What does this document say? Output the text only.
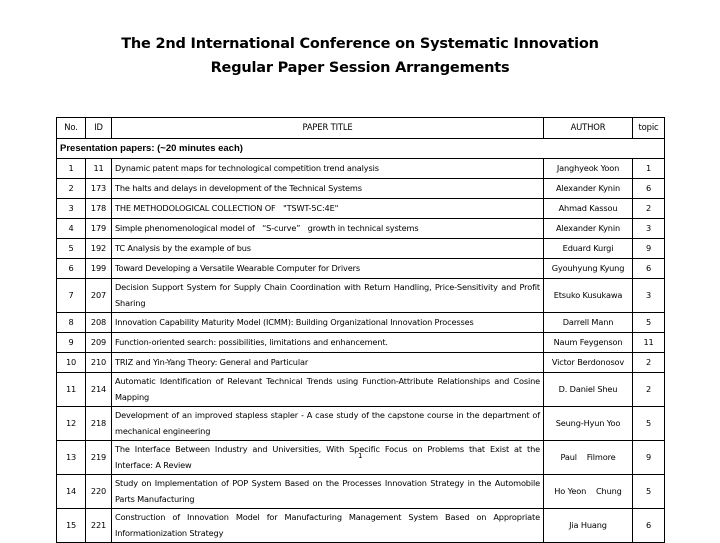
The 2nd International Conference on Systematic Innovation
Regular Paper Session Arrangements
No.	ID	PAPER TITLE	AUTHOR	topic
Presentation papers: (~20 minutes each)				
1	11	Dynamic patent maps for technological competition trend analysis	Janghyeok Yoon	1
2	173	The halts and delays in development of the Technical Systems	Alexander Kynin	6
3	178	THE METHODOLOGICAL COLLECTION OF   "TSWT-5C:4E"	Ahmad Kassou	2
4	179	Simple phenomenological model of   “S-curve”   growth in technical systems	Alexander Kynin	3
5	192	TC Analysis by the example of bus	Eduard Kurgi	9
6	199	Toward Developing a Versatile Wearable Computer for Drivers	Gyouhyung Kyung	6
7	207	Decision Support System for Supply Chain Coordination with Return Handling, Price-Sensitivity and Profit Sharing	Etsuko Kusukawa	3
8	208	Innovation Capability Maturity Model (ICMM): Building Organizational Innovation Processes	Darrell Mann	5
9	209	Function-oriented search: possibilities, limitations and enhancement.	Naum Feygenson	11
10	210	TRIZ and Yin-Yang Theory: General and Particular	Victor Berdonosov	2
11	214	Automatic Identification of Relevant Technical Trends using Function-Attribute Relationships and Cosine Mapping	D. Daniel Sheu	2
12	218	Development of an improved stapless stapler - A case study of the capstone course in the department of mechanical engineering	Seung-Hyun Yoo	5
13	219	The Interface Between Industry and Universities, With Specific Focus on Problems that Exist at the Interface: A Review	Paul    Filmore	9
14	220	Study on Implementation of POP System Based on the Processes Innovation Strategy in the Automobile Parts Manufacturing	Ho Yeon    Chung	5
15	221	Construction of Innovation Model for Manufacturing Management System Based on Appropriate Informationization Strategy	Jia Huang	6
1
